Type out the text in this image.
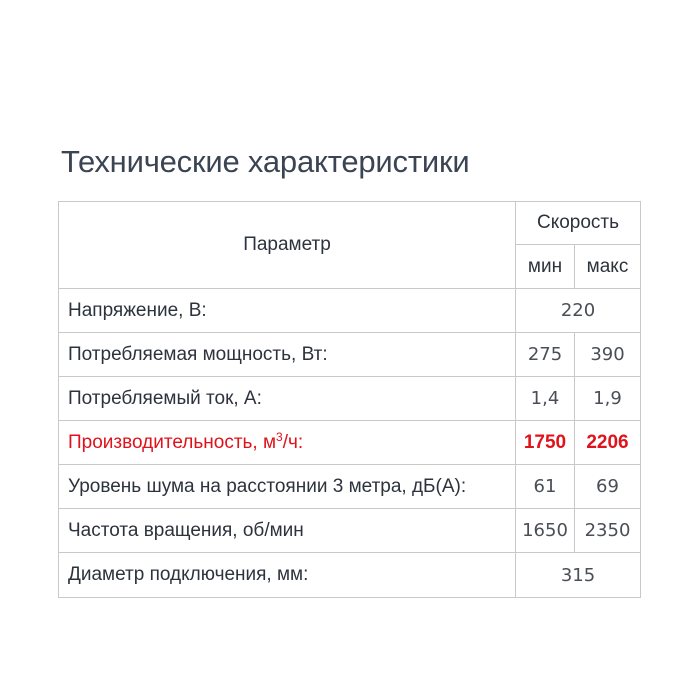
Технические характеристики
Параметр	Скорость	
	мин	макс
Напряжение, В:	220	
Потребляемая мощность, Вт:	275	390
Потребляемый ток, А:	1,4	1,9
Производительность, $м^3/ч$:	1750	2206
Уровень шума на расстоянии 3 метра, дБ(А):	61	69
Частота вращения, об/мин	1650	2350
Диаметр подключения, мм:	315	
